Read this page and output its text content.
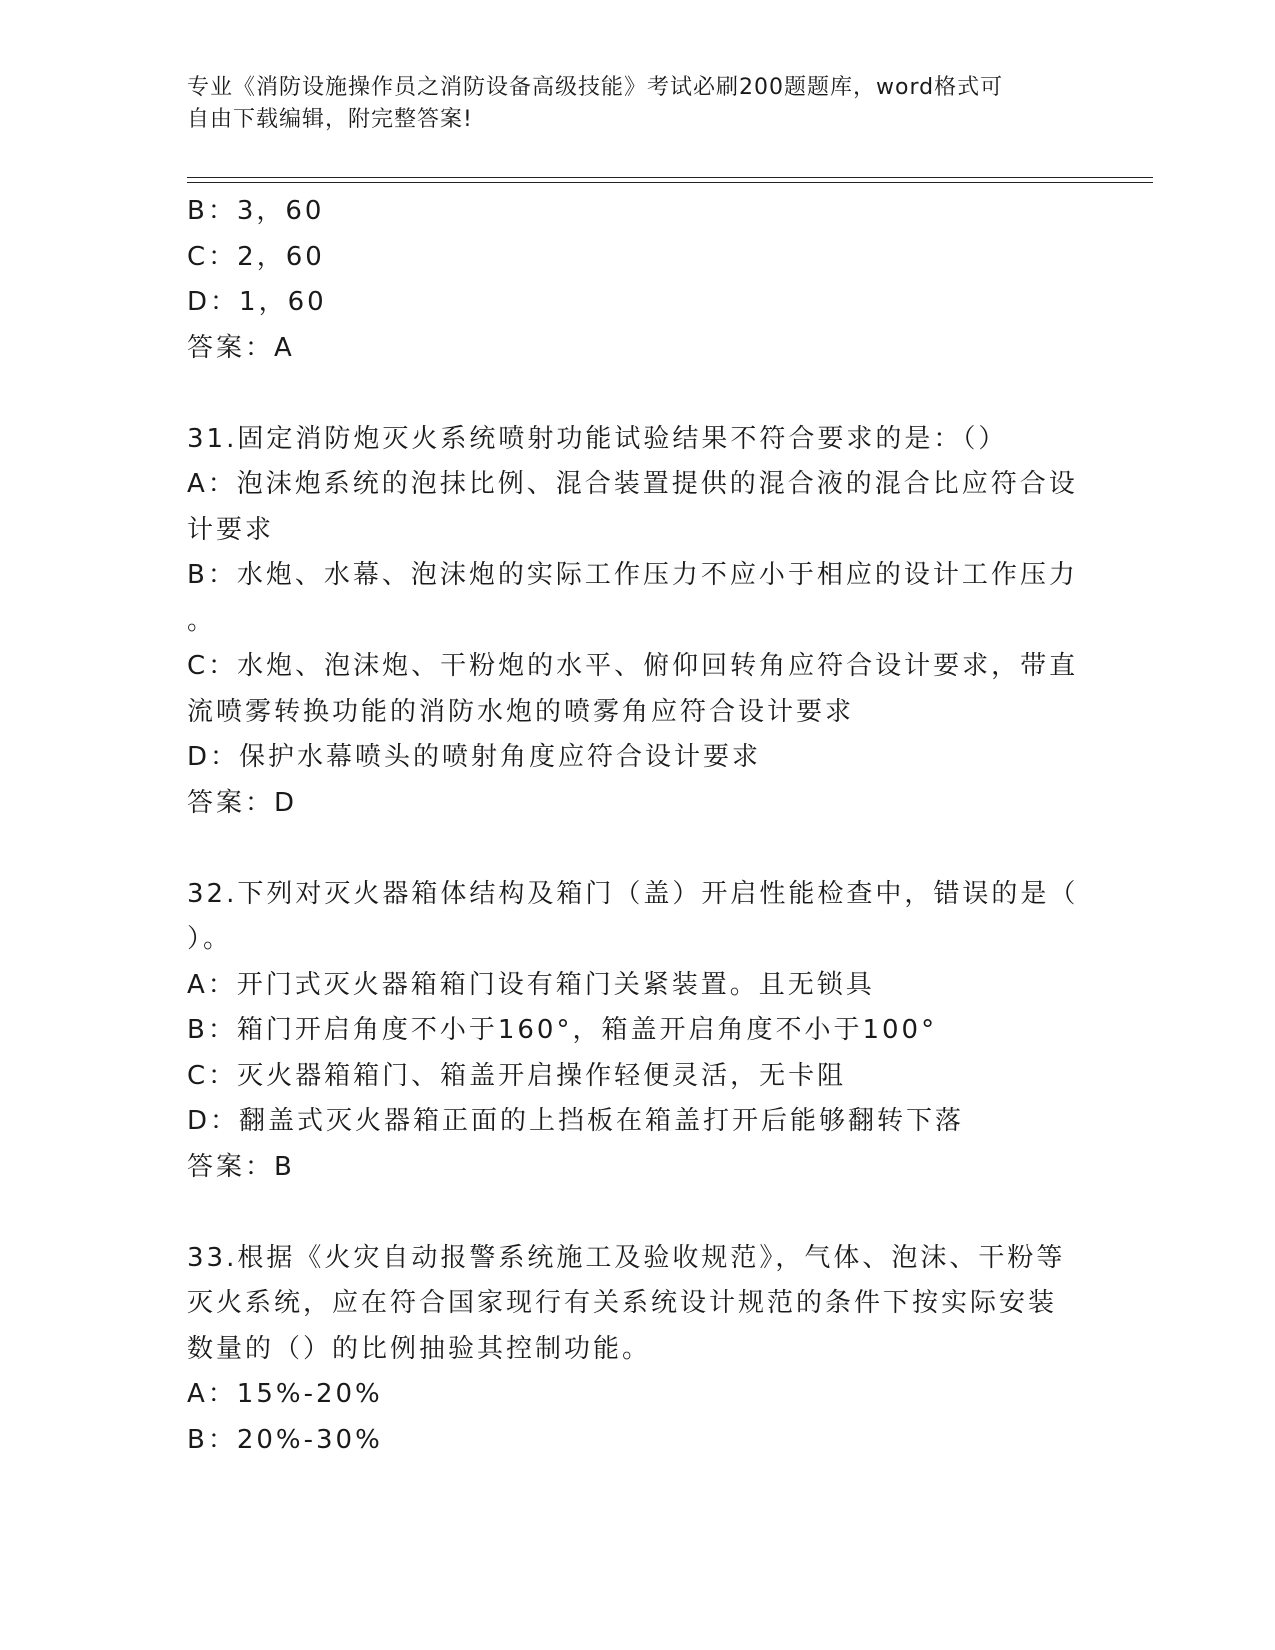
专业《消防设施操作员之消防设备高级技能》考试必刷200题题库，word格式可
自由下载编辑，附完整答案!
B：3，60
C：2，60
D：1，60
答案：A
31.固定消防炮灭火系统喷射功能试验结果不符合要求的是：（）
A：泡沫炮系统的泡抹比例、混合装置提供的混合液的混合比应符合设
计要求
B：水炮、水幕、泡沫炮的实际工作压力不应小于相应的设计工作压力
。
C：水炮、泡沫炮、干粉炮的水平、俯仰回转角应符合设计要求，带直
流喷雾转换功能的消防水炮的喷雾角应符合设计要求
D：保护水幕喷头的喷射角度应符合设计要求
答案：D
32.下列对灭火器箱体结构及箱门（盖）开启性能检查中，错误的是（
）。
A：开门式灭火器箱箱门设有箱门关紧装置。且无锁具
B：箱门开启角度不小于160°，箱盖开启角度不小于100°
C：灭火器箱箱门、箱盖开启操作轻便灵活，无卡阻
D：翻盖式灭火器箱正面的上挡板在箱盖打开后能够翻转下落
答案：B
33.根据《火灾自动报警系统施工及验收规范》，气体、泡沫、干粉等
灭火系统，应在符合国家现行有关系统设计规范的条件下按实际安装
数量的（）的比例抽验其控制功能。
A：15%-20%
B：20%-30%
